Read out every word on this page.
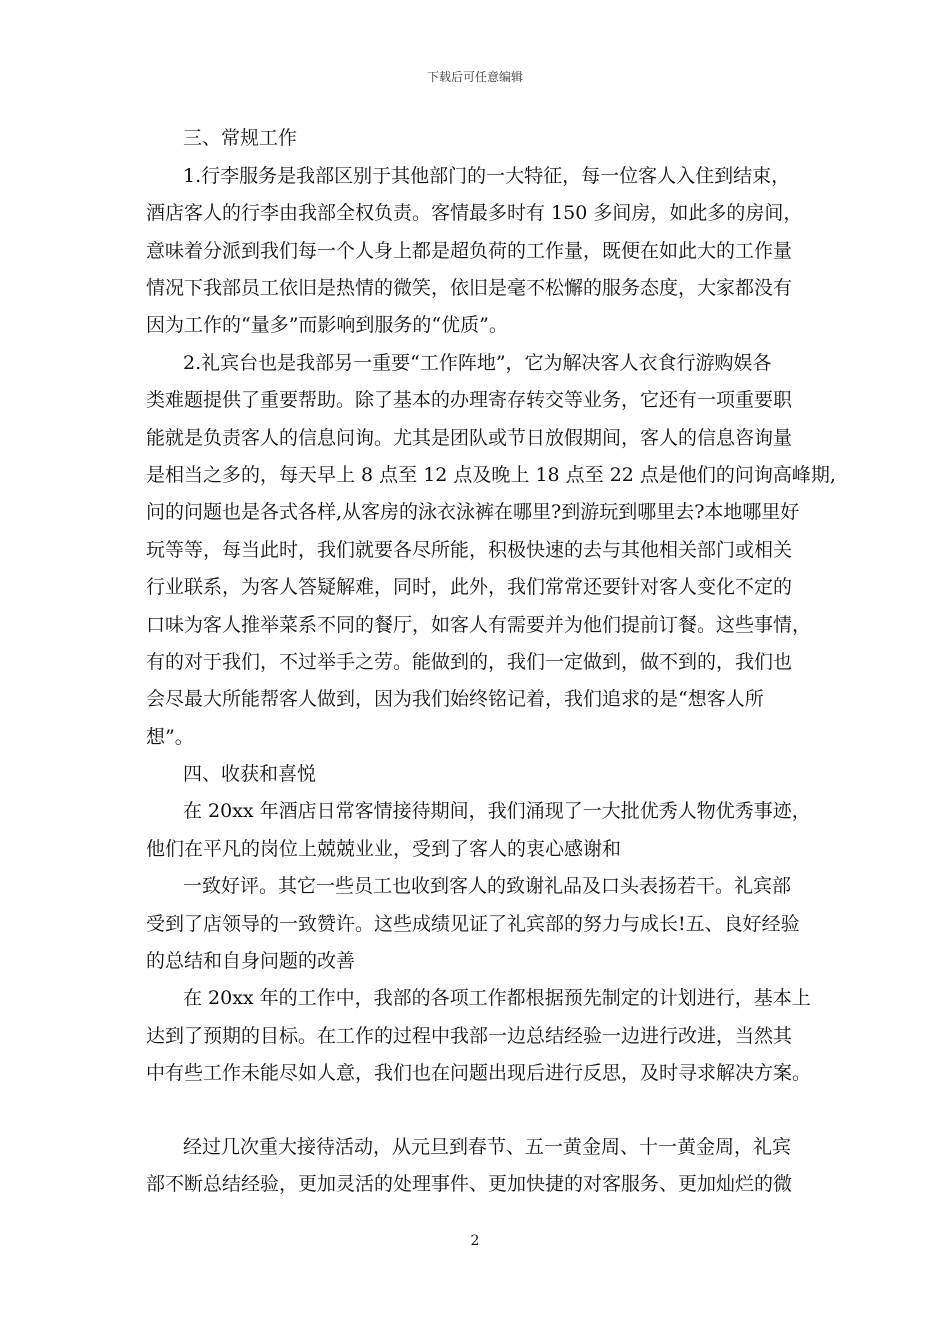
下载后可任意编辑
三、常规工作
1.行李服务是我部区别于其他部门的一大特征，每一位客人入住到结束，
酒店客人的行李由我部全权负责。客情最多时有 150 多间房，如此多的房间，
意味着分派到我们每一个人身上都是超负荷的工作量，既便在如此大的工作量
情况下我部员工依旧是热情的微笑，依旧是毫不松懈的服务态度，大家都没有
因为工作的“量多”而影响到服务的“优质”。
2.礼宾台也是我部另一重要“工作阵地”，它为解决客人衣食行游购娱各
类难题提供了重要帮助。除了基本的办理寄存转交等业务，它还有一项重要职
能就是负责客人的信息问询。尤其是团队或节日放假期间，客人的信息咨询量
是相当之多的，每天早上 8 点至 12 点及晚上 18 点至 22 点是他们的问询高峰期,
问的问题也是各式各样,从客房的泳衣泳裤在哪里?到游玩到哪里去?本地哪里好
玩等等，每当此时，我们就要各尽所能，积极快速的去与其他相关部门或相关
行业联系，为客人答疑解难，同时，此外，我们常常还要针对客人变化不定的
口味为客人推举菜系不同的餐厅，如客人有需要并为他们提前订餐。这些事情，
有的对于我们，不过举手之劳。能做到的，我们一定做到，做不到的，我们也
会尽最大所能帮客人做到，因为我们始终铭记着，我们追求的是“想客人所
想”。
四、收获和喜悦
在 20xx 年酒店日常客情接待期间，我们涌现了一大批优秀人物优秀事迹，
他们在平凡的岗位上兢兢业业，受到了客人的衷心感谢和
一致好评。其它一些员工也收到客人的致谢礼品及口头表扬若干。礼宾部
受到了店领导的一致赞许。这些成绩见证了礼宾部的努力与成长!五、良好经验
的总结和自身问题的改善
在 20xx 年的工作中，我部的各项工作都根据预先制定的计划进行，基本上
达到了预期的目标。在工作的过程中我部一边总结经验一边进行改进，当然其
中有些工作未能尽如人意，我们也在问题出现后进行反思，及时寻求解决方案。
经过几次重大接待活动，从元旦到春节、五一黄金周、十一黄金周，礼宾
部不断总结经验，更加灵活的处理事件、更加快捷的对客服务、更加灿烂的微
2
